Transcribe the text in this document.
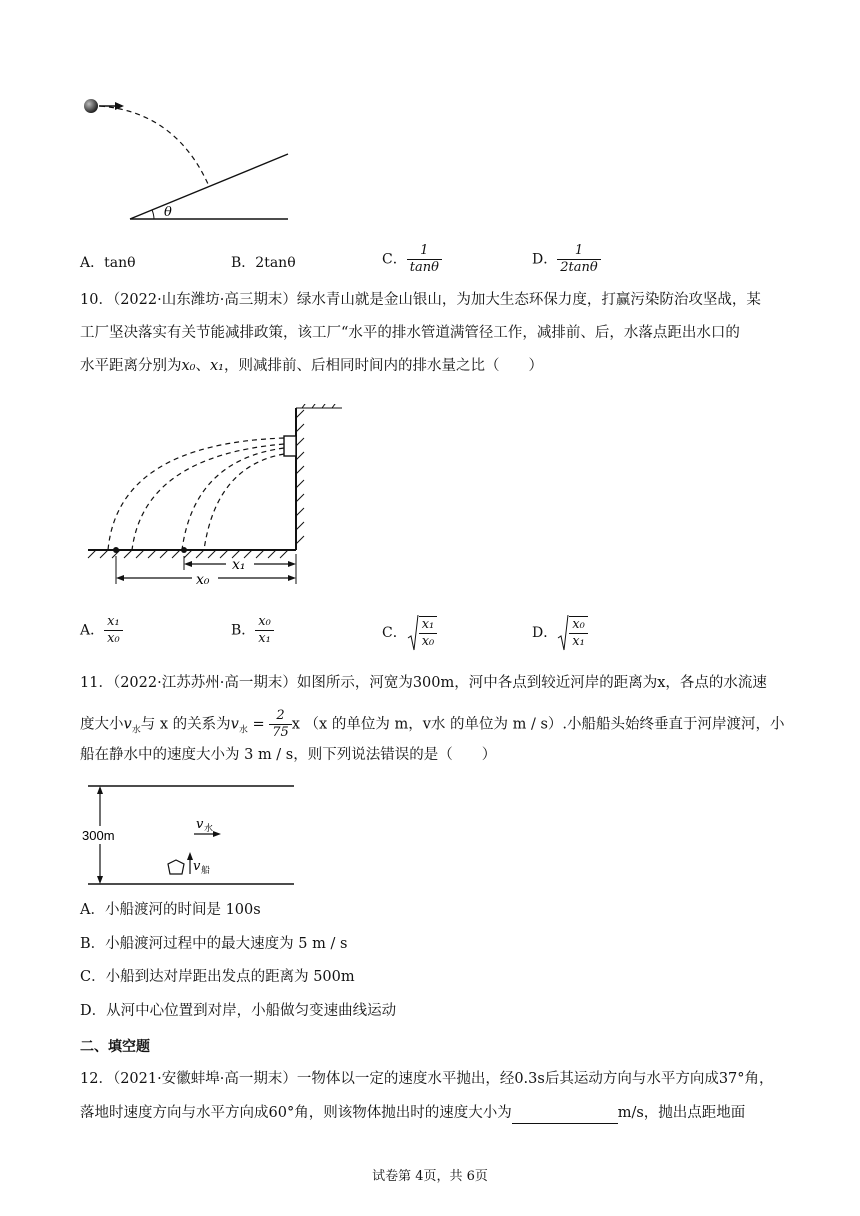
θ
A．tanθ	B．2tanθ	C． $\frac{1}{\tan\theta}$	D． $\frac{1}{2\tan\theta}$
10．（2022·山东潍坊·高三期末）绿水青山就是金山银山，为加大生态环保力度，打赢污染防治攻坚战，某
工厂坚决落实有关节能减排政策，该工厂“水平的排水管道满管径工作，减排前、后，水落点距出水口的
水平距离分别为x₀、x₁，则减排前、后相同时间内的排水量之比（　　）
x₁
x₀
A． $\frac{\text{x₁}}{\text{x₀}}$	B． $\frac{\text{x₀}}{\text{x₁}}$	C． $\frac{\text{x₁}}{\text{x₀}}$	D． $\frac{\text{x₀}}{\text{x₁}}$
11．（2022·江苏苏州·高一期末）如图所示，河宽为300m，河中各点到较近河岸的距离为x，各点的水流速
度大小$v_水$与 x 的关系为$v_水 = \frac{2}{75}$ x （x 的单位为 m，v水 的单位为 m / s）.小船船头始终垂直于河岸渡河，小
船在静水中的速度大小为 3 m / s，则下列说法错误的是（　　）
300m
v 水
v 船
A．小船渡河的时间是 100s
B．小船渡河过程中的最大速度为 5 m / s
C．小船到达对岸距出发点的距离为 500m
D．从河中心位置到对岸，小船做匀变速曲线运动
二、填空题
12．（2021·安徽蚌埠·高一期末）一物体以一定的速度水平抛出，经0.3s后其运动方向与水平方向成37°角，
落地时速度方向与水平方向成60°角，则该物体抛出时的速度大小为	m/s，抛出点距地面
试卷第 4页，共 6页
